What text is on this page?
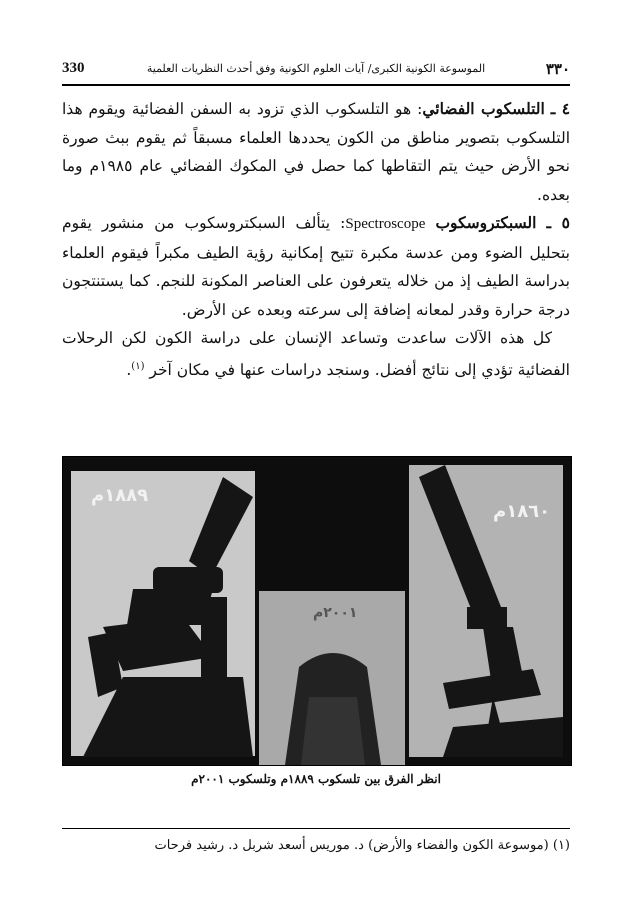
330	الموسوعة الكونية الكبرى/ آيات العلوم الكونية وفق أحدث النظريات العلمية	٣٣٠

٤ ـ التلسكوب الفضائي: هو التلسكوب الذي تزود به السفن الفضائية ويقوم هذا التلسكوب بتصوير مناطق من الكون يحددها العلماء مسبقاً ثم يقوم ببث صورة نحو الأرض حيث يتم التقاطها كما حصل في المكوك الفضائي عام ١٩٨٥م وما بعده.

٥ ـ السبكتروسكوب Spectroscope: يتألف السبكتروسكوب من منشور يقوم بتحليل الضوء ومن عدسة مكبرة تتيح إمكانية رؤية الطيف مكبراً فيقوم العلماء بدراسة الطيف إذ من خلاله يتعرفون على العناصر المكونة للنجم. كما يستنتجون درجة حرارة وقدر لمعانه إضافة إلى سرعته وبعده عن الأرض.

كل هذه الآلات ساعدت وتساعد الإنسان على دراسة الكون لكن الرحلات الفضائية تؤدي إلى نتائج أفضل. وسنجد دراسات عنها في مكان آخر $^{(١)}$.

١٨٨٩م
٢٠٠١م
١٨٦٠م
انظر الفرق بين تلسكوب ١٨٨٩م وتلسكوب ٢٠٠١م
(١) (موسوعة الكون والفضاء والأرض) د. موريس أسعد شربل د. رشيد فرحات
